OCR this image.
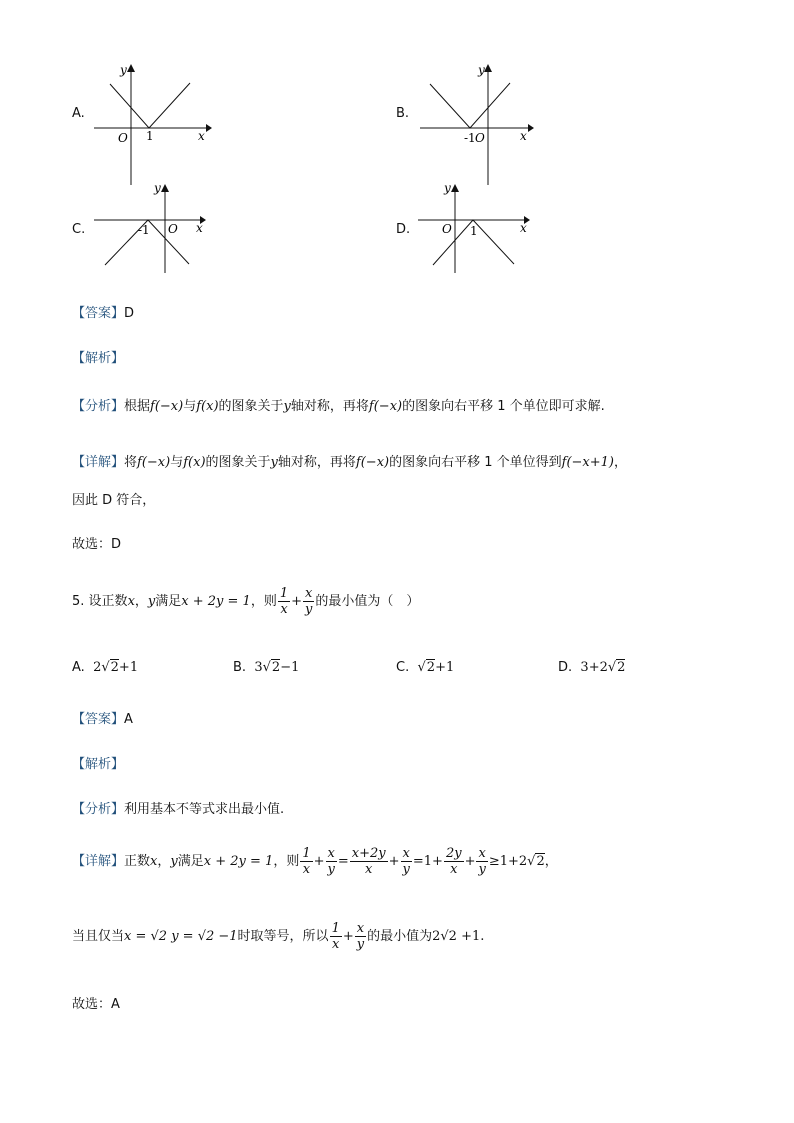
A.
O 1	x
y
B.
-1 O	x
y
C.	-1 O x
y
D.	O 1	x
y
【答案】D
【解析】
【分析】根据f(−x)与f(x)的图象关于y轴对称，再将f(−x)的图象向右平移 1 个单位即可求解.
【详解】将f(−x)与f(x)的图象关于y轴对称，再将f(−x)的图象向右平移 1 个单位得到f(−x+1)，
因此 D 符合，
故选：D
5. 设正数x，y满足x + 2y = 1，则 $\frac{1}{x} + \frac{x}{y}$ 的最小值为（　）
A. 2√2+1	B. 3√2−1	C. √2+1	D. 3+2√2
【答案】A
【解析】
【分析】利用基本不等式求出最小值.
【详解】正数x，y满足x + 2y = 1，则 $\frac{1}{x} + \frac{x}{y} = \frac{x+2y}{x} + \frac{x}{y} =1+ \frac{2y}{x} + \frac{x}{y} \ge 1+2√2$，
当且仅当x = √2 y = √2 −1时取等号，所以 $\frac{1}{x} + \frac{x}{y}$ 的最小值为2√2 +1.
故选：A
